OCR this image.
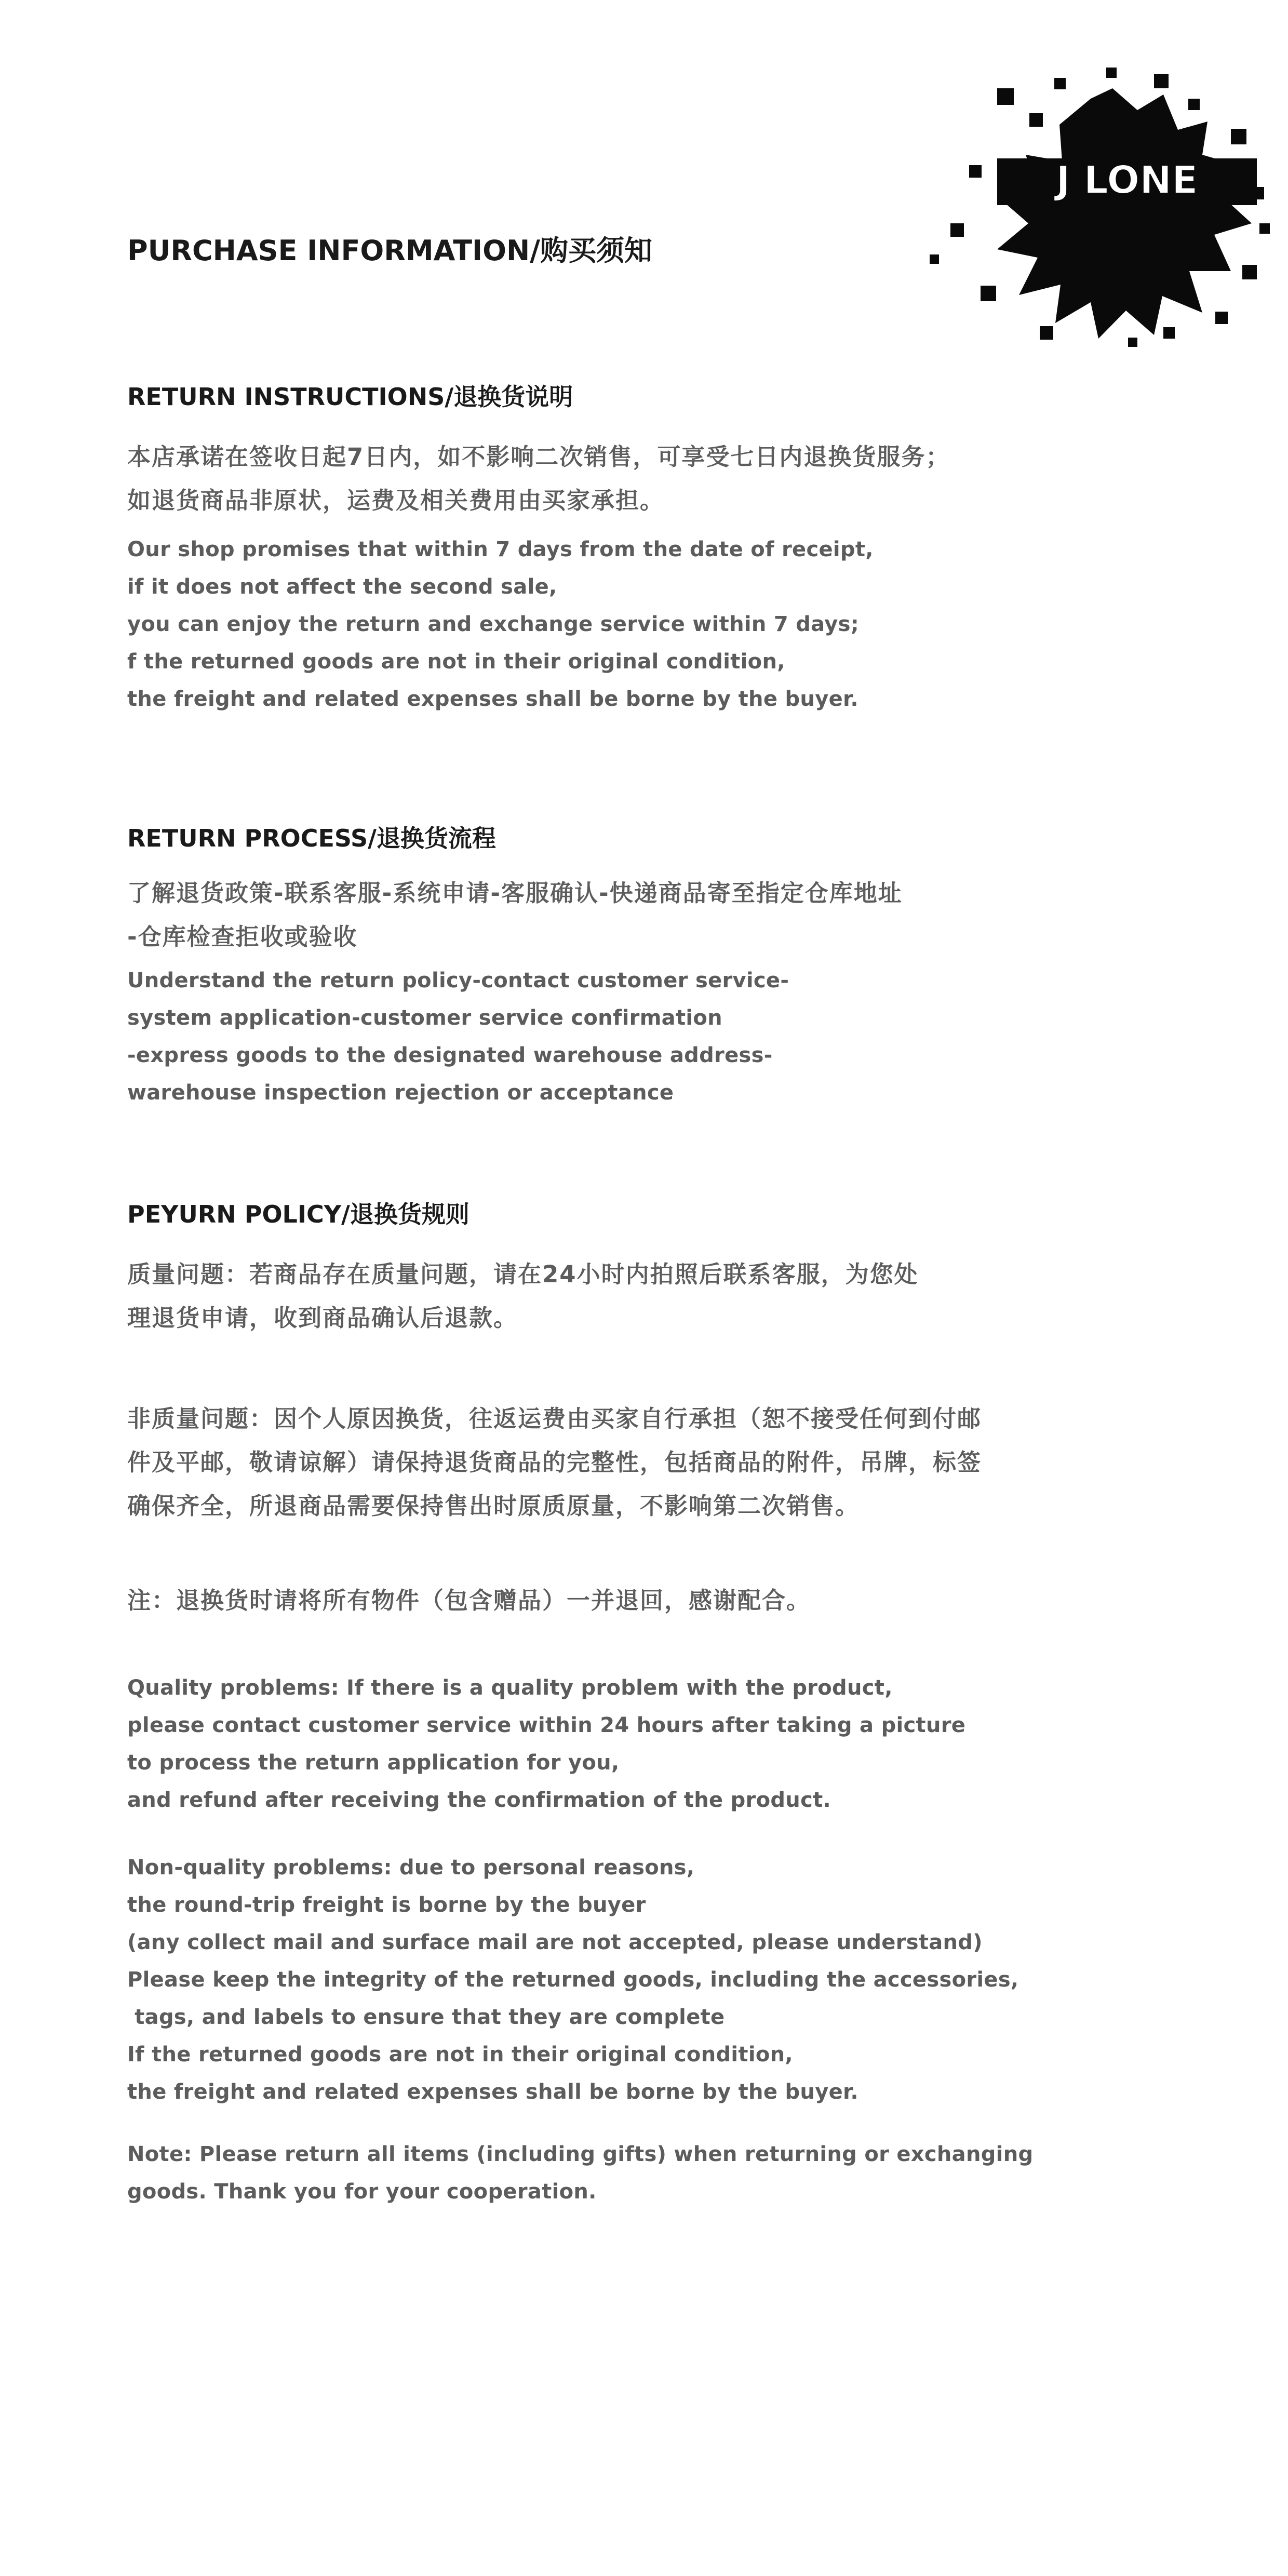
J LONE
PURCHASE INFORMATION/购买须知
RETURN INSTRUCTIONS/退换货说明
本店承诺在签收日起7日内，如不影响二次销售，可享受七日内退换货服务；
如退货商品非原状，运费及相关费用由买家承担。
Our shop promises that within 7 days from the date of receipt,
if it does not affect the second sale,
you can enjoy the return and exchange service within 7 days;
f the returned goods are not in their original condition,
the freight and related expenses shall be borne by the buyer.
RETURN PROCESS/退换货流程
了解退货政策-联系客服-系统申请-客服确认-快递商品寄至指定仓库地址
-仓库检查拒收或验收
Understand the return policy-contact customer service-
system application-customer service confirmation
-express goods to the designated warehouse address-
warehouse inspection rejection or acceptance
PEYURN POLICY/退换货规则
质量问题：若商品存在质量问题，请在24小时内拍照后联系客服，为您处
理退货申请，收到商品确认后退款。
非质量问题：因个人原因换货，往返运费由买家自行承担（恕不接受任何到付邮
件及平邮，敬请谅解）请保持退货商品的完整性，包括商品的附件，吊牌，标签
确保齐全，所退商品需要保持售出时原质原量，不影响第二次销售。
注：退换货时请将所有物件（包含赠品）一并退回，感谢配合。
Quality problems: If there is a quality problem with the product,
please contact customer service within 24 hours after taking a picture
to process the return application for you,
and refund after receiving the confirmation of the product.
Non-quality problems: due to personal reasons,
the round-trip freight is borne by the buyer
(any collect mail and surface mail are not accepted, please understand)
Please keep the integrity of the returned goods, including the accessories,
tags, and labels to ensure that they are complete
If the returned goods are not in their original condition,
the freight and related expenses shall be borne by the buyer.
Note: Please return all items (including gifts) when returning or exchanging
goods. Thank you for your cooperation.
